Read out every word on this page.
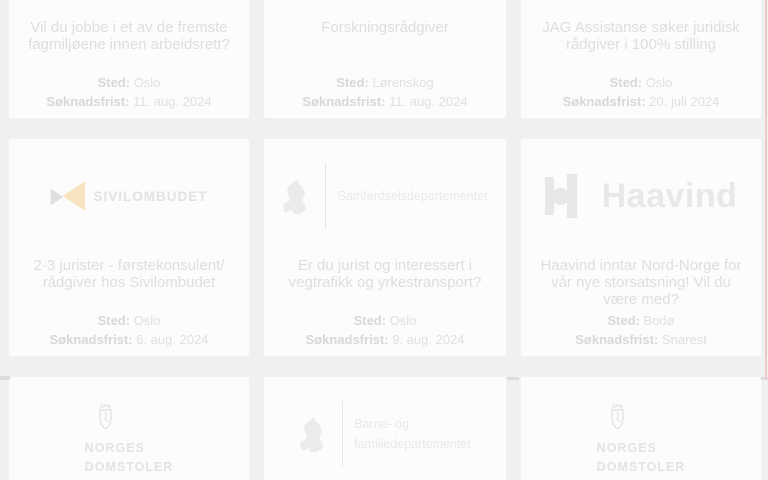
Vil du jobbe i et av de fremste fagmiljøene innen arbeidsrett?

Sted: Oslo

Søknadsfrist: 11. aug. 2024

Forskningsrådgiver

Sted: Lørenskog

Søknadsfrist: 11. aug. 2024

JAG Assistanse søker juridisk rådgiver i 100% stilling

Sted: Oslo

Søknadsfrist: 20. juli 2024

SIVILOMBUDET
2-3 jurister - førstekonsulent/ rådgiver hos Sivilombudet

Sted: Oslo

Søknadsfrist: 6. aug. 2024

Samferdselsdepartementet
Er du jurist og interessert i vegtrafikk og yrkestransport?

Sted: Oslo

Søknadsfrist: 9. aug. 2024

Haavind
Haavind inntar Nord-Norge for vår nye storsatsning! Vil du være med?

Sted: Bodø

Søknadsfrist: Snarest

NORGES
DOMSTOLER
Barne- og
familiedepartementet	NORGES
DOMSTOLER
